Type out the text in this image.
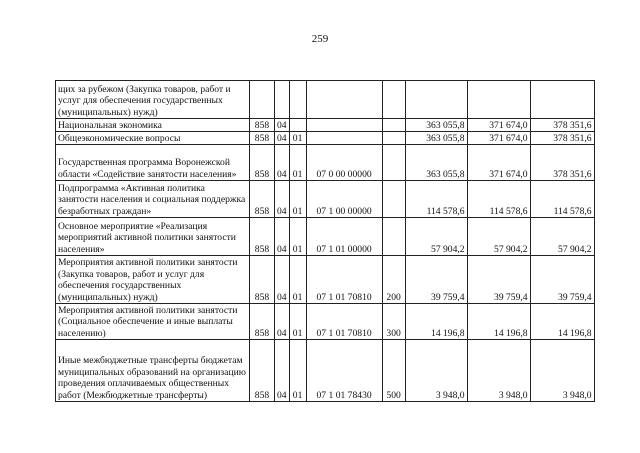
259
щих за рубежом (Закупка товаров, работ и услуг для обеспечения государственных (муниципальных) нужд)								
Национальная экономика	858	04				363 055,8	371 674,0	378 351,6
Общеэкономические вопросы	858	04	01			363 055,8	371 674,0	378 351,6
Государственная программа Воронежской области «Содействие занятости населения»	858	04	01	07 0 00 00000		363 055,8	371 674,0	378 351,6
Подпрограмма «Активная политика занятости населения и социальная поддержка безработных граждан»	858	04	01	07 1 00 00000		114 578,6	114 578,6	114 578,6
Основное мероприятие «Реализация мероприятий активной политики занятости населения»	858	04	01	07 1 01 00000		57 904,2	57 904,2	57 904,2
Мероприятия активной политики занятости (Закупка товаров, работ и услуг для обеспечения государственных (муниципальных) нужд)	858	04	01	07 1 01 70810	200	39 759,4	39 759,4	39 759,4
Мероприятия активной политики занятости (Социальное обеспечение и иные выплаты населению)	858	04	01	07 1 01 70810	300	14 196,8	14 196,8	14 196,8
Иные межбюджетные трансферты бюджетам муниципальных образований на организацию проведения оплачиваемых общественных работ (Межбюджетные трансферты)	858	04	01	07 1 01 78430	500	3 948,0	3 948,0	3 948,0
